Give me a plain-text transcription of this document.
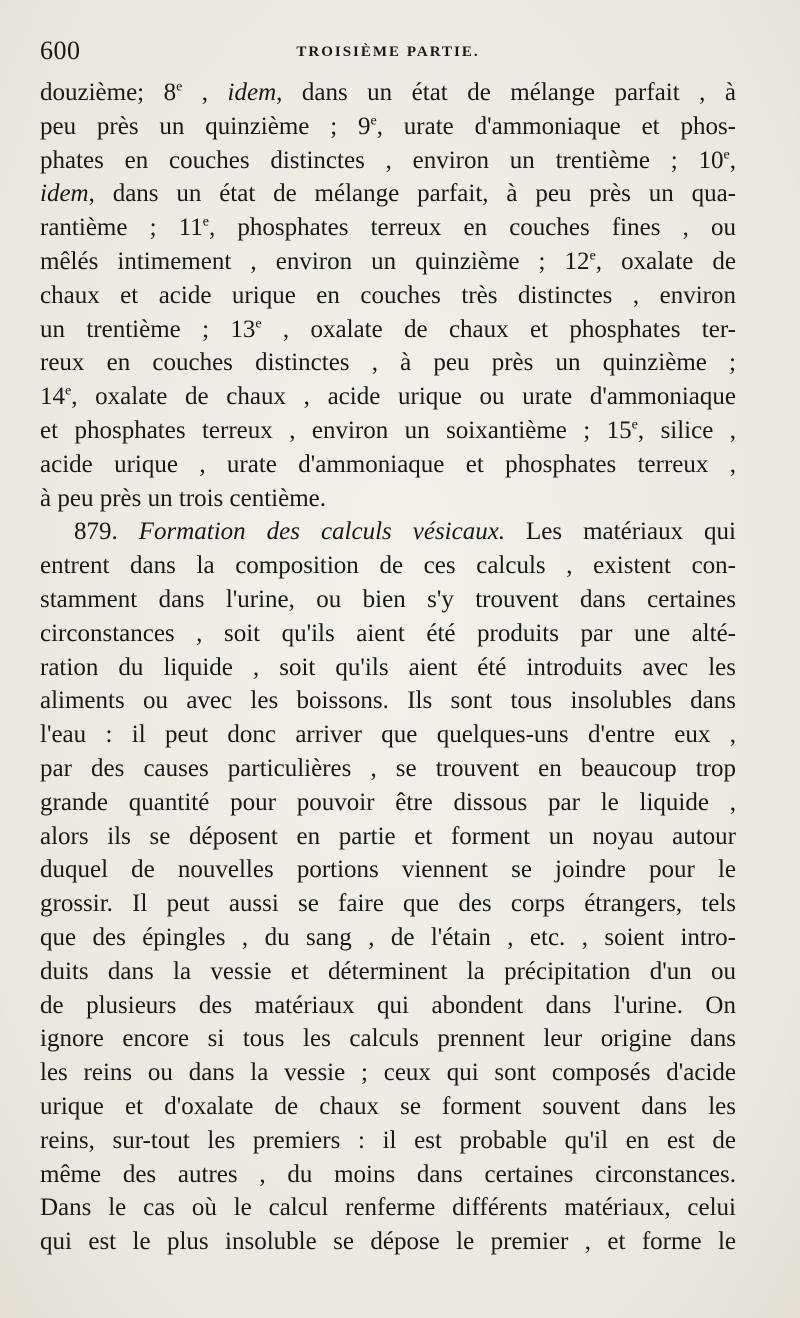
600	TROISIÈME PARTIE.
douzième; 8e , idem, dans un état de mélange parfait , à
peu près un quinzième ; 9e, urate d'ammoniaque et phos-
phates en couches distinctes , environ un trentième ; 10e,
idem, dans un état de mélange parfait, à peu près un qua-
rantième ; 11e, phosphates terreux en couches fines , ou
mêlés intimement , environ un quinzième ; 12e, oxalate de
chaux et acide urique en couches très distinctes , environ
un trentième ; 13e , oxalate de chaux et phosphates ter-
reux en couches distinctes , à peu près un quinzième ;
14e, oxalate de chaux , acide urique ou urate d'ammoniaque
et phosphates terreux , environ un soixantième ; 15e, silice ,
acide urique , urate d'ammoniaque et phosphates terreux ,
à peu près un trois centième.
879. Formation des calculs vésicaux. Les matériaux qui
entrent dans la composition de ces calculs , existent con-
stamment dans l'urine, ou bien s'y trouvent dans certaines
circonstances , soit qu'ils aient été produits par une alté-
ration du liquide , soit qu'ils aient été introduits avec les
aliments ou avec les boissons. Ils sont tous insolubles dans
l'eau : il peut donc arriver que quelques-uns d'entre eux ,
par des causes particulières , se trouvent en beaucoup trop
grande quantité pour pouvoir être dissous par le liquide ,
alors ils se déposent en partie et forment un noyau autour
duquel de nouvelles portions viennent se joindre pour le
grossir. Il peut aussi se faire que des corps étrangers, tels
que des épingles , du sang , de l'étain , etc. , soient intro-
duits dans la vessie et déterminent la précipitation d'un ou
de plusieurs des matériaux qui abondent dans l'urine. On
ignore encore si tous les calculs prennent leur origine dans
les reins ou dans la vessie ; ceux qui sont composés d'acide
urique et d'oxalate de chaux se forment souvent dans les
reins, sur-tout les premiers : il est probable qu'il en est de
même des autres , du moins dans certaines circonstances.
Dans le cas où le calcul renferme différents matériaux, celui
qui est le plus insoluble se dépose le premier , et forme le
